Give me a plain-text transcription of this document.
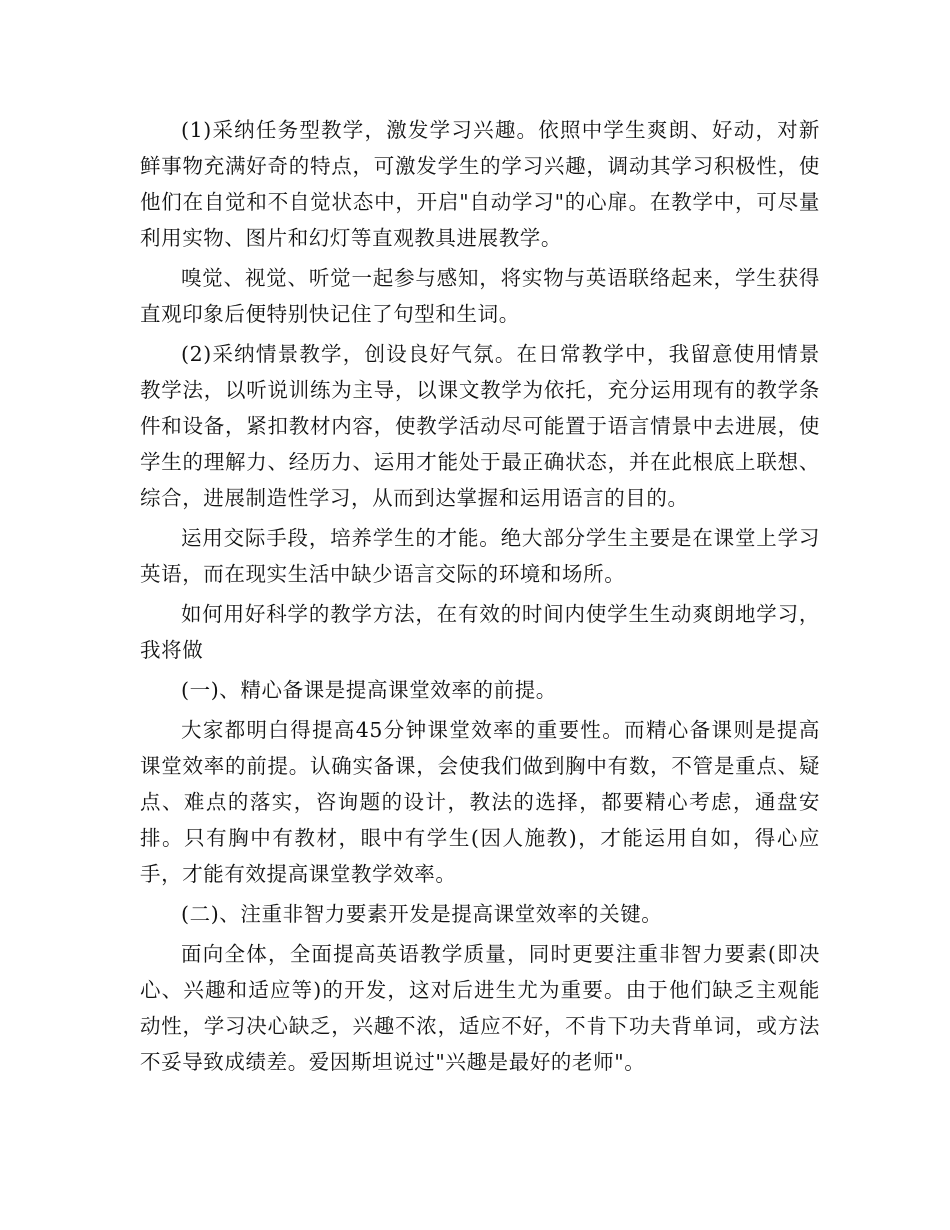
(1)采纳任务型教学，激发学习兴趣。依照中学生爽朗、好动，对新鲜事物充满好奇的特点，可激发学生的学习兴趣，调动其学习积极性，使他们在自觉和不自觉状态中，开启"自动学习"的心扉。在教学中，可尽量利用实物、图片和幻灯等直观教具进展教学。

嗅觉、视觉、听觉一起参与感知，将实物与英语联络起来，学生获得直观印象后便特别快记住了句型和生词。

(2)采纳情景教学，创设良好气氛。在日常教学中，我留意使用情景教学法，以听说训练为主导，以课文教学为依托，充分运用现有的教学条件和设备，紧扣教材内容，使教学活动尽可能置于语言情景中去进展，使学生的理解力、经历力、运用才能处于最正确状态，并在此根底上联想、综合，进展制造性学习，从而到达掌握和运用语言的目的。

运用交际手段，培养学生的才能。绝大部分学生主要是在课堂上学习英语，而在现实生活中缺少语言交际的环境和场所。

如何用好科学的教学方法，在有效的时间内使学生生动爽朗地学习，我将做

(一)、精心备课是提高课堂效率的前提。

大家都明白得提高45分钟课堂效率的重要性。而精心备课则是提高课堂效率的前提。认确实备课，会使我们做到胸中有数，不管是重点、疑点、难点的落实，咨询题的设计，教法的选择，都要精心考虑，通盘安排。只有胸中有教材，眼中有学生(因人施教)，才能运用自如，得心应手，才能有效提高课堂教学效率。

(二)、注重非智力要素开发是提高课堂效率的关键。

面向全体，全面提高英语教学质量，同时更要注重非智力要素(即决心、兴趣和适应等)的开发，这对后进生尤为重要。由于他们缺乏主观能动性，学习决心缺乏，兴趣不浓，适应不好，不肯下功夫背单词，或方法不妥导致成绩差。爱因斯坦说过"兴趣是最好的老师"。
